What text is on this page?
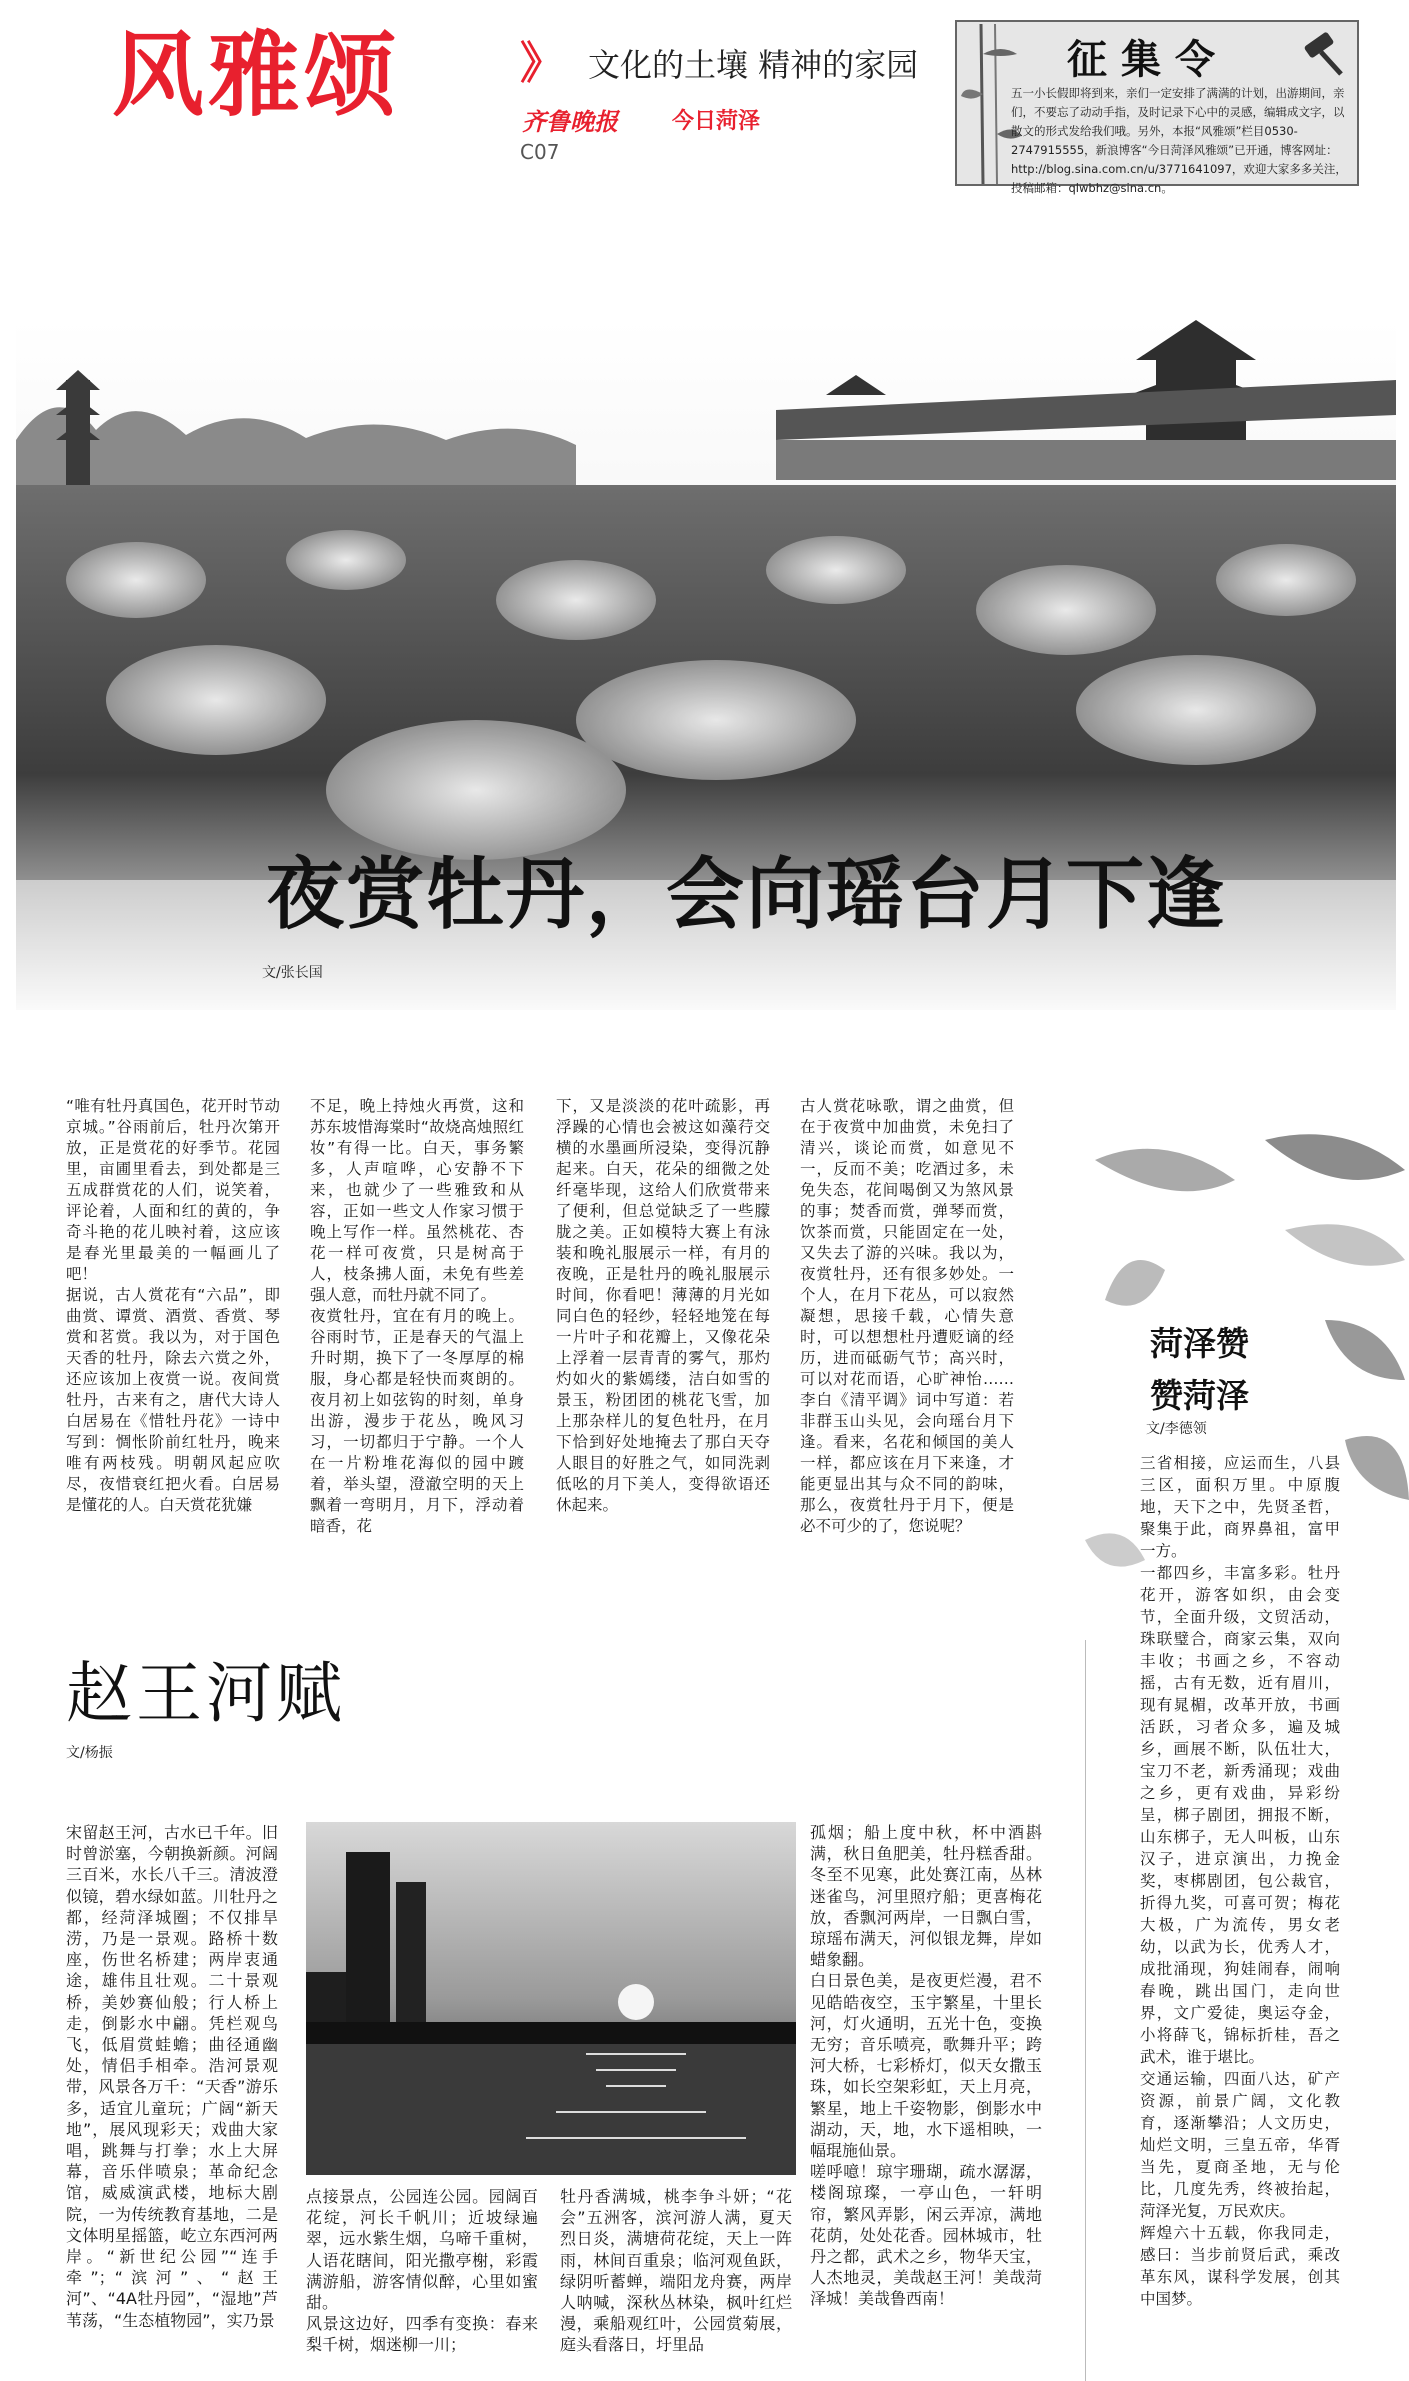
风雅颂	》 文化的土壤 精神的家园
齐鲁晚报 今日菏泽
C07
征集令
五一小长假即将到来，亲们一定安排了满满的计划，出游期间，亲们，不要忘了动动手指，及时记录下心中的灵感，编辑成文字，以散文的形式发给我们哦。另外，本报“风雅颂”栏目0530-2747915555，新浪博客“今日菏泽风雅颂”已开通，博客网址：http://blog.sina.com.cn/u/3771641097，欢迎大家多多关注，投稿邮箱：qlwbhz@sina.cn。
夜赏牡丹，会向瑶台月下逢
文/张长国
“唯有牡丹真国色，花开时节动京城。”谷雨前后，牡丹次第开放，正是赏花的好季节。花园里，亩圃里看去，到处都是三五成群赏花的人们，说笑着，评论着，人面和红的黄的，争奇斗艳的花儿映衬着，这应该是春光里最美的一幅画儿了吧！
据说，古人赏花有“六品”，即曲赏、谭赏、酒赏、香赏、琴赏和茗赏。我以为，对于国色天香的牡丹，除去六赏之外，还应该加上夜赏一说。夜间赏牡丹，古来有之，唐代大诗人白居易在《惜牡丹花》一诗中写到：惆怅阶前红牡丹，晚来唯有两枝残。明朝风起应吹尽，夜惜衰红把火看。白居易是懂花的人。白天赏花犹嫌
不足，晚上持烛火再赏，这和苏东坡惜海棠时“故烧高烛照红妆”有得一比。白天，事务繁多，人声喧哗，心安静不下来，也就少了一些雅致和从容，正如一些文人作家习惯于晚上写作一样。虽然桃花、杏花一样可夜赏，只是树高于人，枝条拂人面，未免有些差强人意，而牡丹就不同了。
夜赏牡丹，宜在有月的晚上。谷雨时节，正是春天的气温上升时期，换下了一冬厚厚的棉服，身心都是轻快而爽朗的。夜月初上如弦钩的时刻，单身出游，漫步于花丛，晚风习习，一切都归于宁静。一个人在一片粉堆花海似的园中踱着，举头望，澄澈空明的天上飘着一弯明月，月下，浮动着暗香，花
下，又是淡淡的花叶疏影，再浮躁的心情也会被这如藻荇交横的水墨画所浸染，变得沉静起来。白天，花朵的细微之处纤毫毕现，这给人们欣赏带来了便利，但总觉缺乏了一些朦胧之美。正如模特大赛上有泳装和晚礼服展示一样，有月的夜晚，正是牡丹的晚礼服展示时间，你看吧！薄薄的月光如同白色的轻纱，轻轻地笼在每一片叶子和花瓣上，又像花朵上浮着一层青青的雾气，那灼灼如火的紫嫣缕，洁白如雪的景玉，粉团团的桃花飞雪，加上那杂样儿的复色牡丹，在月下恰到好处地掩去了那白天夺人眼目的好胜之气，如同洗剥低吆的月下美人，变得欲语还休起来。
古人赏花咏歌，谓之曲赏，但在于夜赏中加曲赏，未免扫了清兴，谈论而赏，如意见不一，反而不美；吃酒过多，未免失态，花间喝倒又为煞风景的事；焚香而赏，弹琴而赏，饮茶而赏，只能固定在一处，又失去了游的兴味。我以为，夜赏牡丹，还有很多妙处。一个人，在月下花丛，可以寂然凝想，思接千载，心情失意时，可以想想杜丹遭贬谪的经历，进而砥砺气节；高兴时，可以对花而语，心旷神怡……李白《清平调》词中写道：若非群玉山头见，会向瑶台月下逢。看来，名花和倾国的美人一样，都应该在月下来逢，才能更显出其与众不同的韵味，那么，夜赏牡丹于月下，便是必不可少的了，您说呢？
菏泽赞
赞菏泽
文/李德领
三省相接，应运而生，八县三区，面积万里。中原腹地，天下之中，先贤圣哲，聚集于此，商界鼻祖，富甲一方。
一都四乡，丰富多彩。牡丹花开，游客如织，由会变节，全面升级，文贸活动，珠联璧合，商家云集，双向丰收；书画之乡，不容动摇，古有无数，近有眉川，现有晁楣，改革开放，书画活跃，习者众多，遍及城乡，画展不断，队伍壮大，宝刀不老，新秀涌现；戏曲之乡，更有戏曲，异彩纷呈，梆子剧团，拥报不断，山东梆子，无人叫板，山东汉子，进京演出，力挽金奖，枣梆剧团，包公裁官，折得九奖，可喜可贺；梅花大极，广为流传，男女老幼，以武为长，优秀人才，成批涌现，狗娃闹春，闹响春晚，跳出国门，走向世界，文广爱徒，奥运夺金，小将薛飞，锦标折桂，吾之武术，谁于堪比。
交通运输，四面八达，矿产资源，前景广阔，文化教育，逐渐攀沿；人文历史，灿烂文明，三皇五帝，华胥当先，夏商圣地，无与伦比，几度先秀，终被抬起，菏泽光复，万民欢庆。
辉煌六十五载，你我同走，感曰：当步前贤后武，乘改革东风，谋科学发展，创其中国梦。
赵王河赋
文/杨振
宋留赵王河，古水已千年。旧时曾淤塞，今朝换新颜。河阔三百米，水长八千三。清波澄似镜，碧水绿如蓝。川牡丹之都，经菏泽城圈；不仅排旱涝，乃是一景观。路桥十数座，伤世名桥建；两岸衷通途，雄伟且壮观。二十景观桥，美妙赛仙般；行人桥上走，倒影水中翩。凭栏观鸟飞，低眉赏蛙蟾；曲径通幽处，情侣手相牵。浩河景观带，风景各万千：“天香”游乐多，适宜儿童玩；广阔“新天地”，展风现彩天；戏曲大家唱，跳舞与打拳；水上大屏幕，音乐伴喷泉；革命纪念馆，威威演武楼，地标大剧院，一为传统教育基地，二是文体明星摇篮，屹立东西河两岸。“新世纪公园”“连手牵”；“滨河”、“赵王河”、“4A牡丹园”，“湿地”芦苇荡，“生态植物园”，实乃景
点接景点，公园连公园。园阔百花绽，河长千帆川；近坡绿遍翠，远水紫生烟，乌啼千重树，人语花瞎间，阳光撒亭榭，彩霞满游船，游客情似醉，心里如蜜甜。
风景这边好，四季有变换：春来梨千树，烟迷柳一川；
牡丹香满城，桃李争斗妍；“花会”五洲客，滨河游人满，夏天烈日炎，满塘荷花绽，天上一阵雨，林间百重泉；临河观鱼跃，绿阴听蓄蝉，端阳龙舟赛，两岸人呐喊，深秋丛林染，枫叶红烂漫，乘船观红叶，公园赏菊展，庭头看落日，圩里品
孤烟；船上度中秋，杯中酒斟满，秋日鱼肥美，牡丹糕香甜。冬至不见寒，此处赛江南，丛林迷雀鸟，河里照疗船；更喜梅花放，香飘河两岸，一日飘白雪，琼瑶布满天，河似银龙舞，岸如蜡象翻。
白日景色美，是夜更烂漫，君不见皓皓夜空，玉宇繁星，十里长河，灯火通明，五光十色，变换无穷；音乐喷亮，歌舞升平；跨河大桥，七彩桥灯，似天女撒玉珠，如长空架彩虹，天上月亮，繁星，地上千姿物影，倒影水中湖动，天，地，水下遥相映，一幅琨施仙景。
嗟呼噫！琼宇珊瑚，疏水潺潺，楼阁琼璨，一亭山色，一轩明帘，繁风弄影，闲云弄凉，满地花荫，处处花香。园林城市，牡丹之都，武术之乡，物华天宝，人杰地灵，美哉赵王河！美哉菏泽城！美哉鲁西南！
